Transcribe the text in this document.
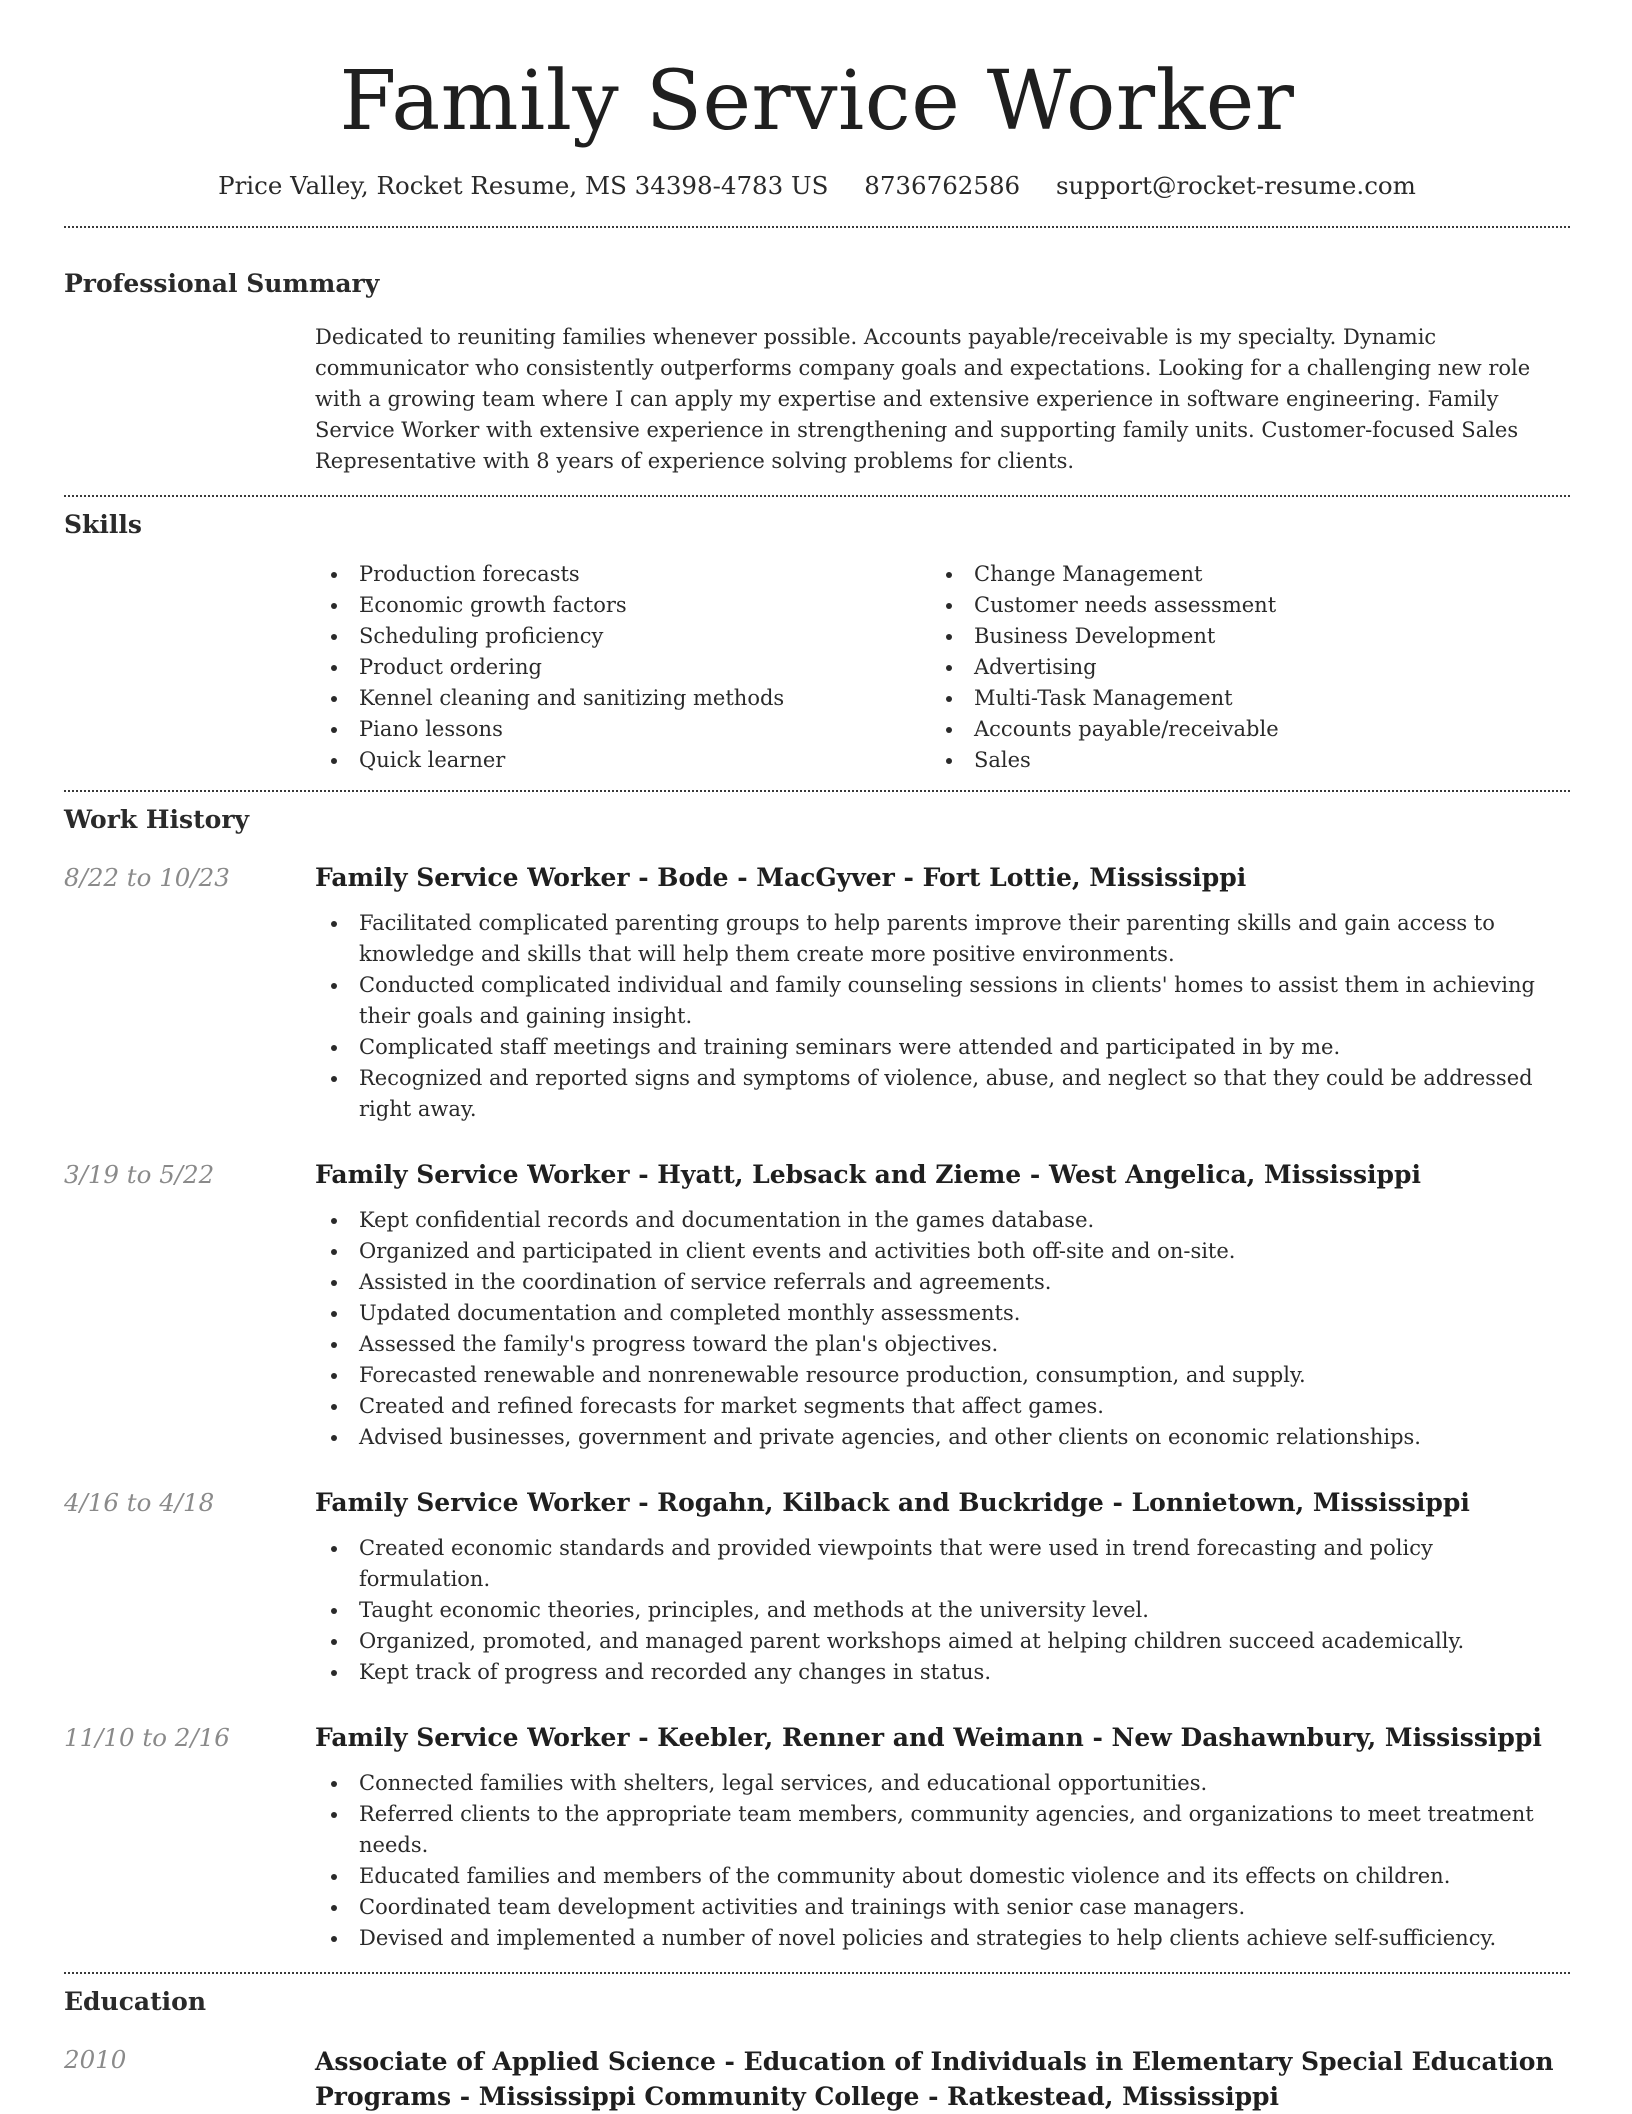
Family Service Worker
Price Valley, Rocket Resume, MS 34398-4783 US 8736762586 support@rocket-resume.com
Professional Summary

Dedicated to reuniting families whenever possible. Accounts payable/receivable is my specialty. Dynamic communicator who consistently outperforms company goals and expectations. Looking for a challenging new role with a growing team where I can apply my expertise and extensive experience in software engineering. Family Service Worker with extensive experience in strengthening and supporting family units. Customer-focused Sales Representative with 8 years of experience solving problems for clients.

Skills
Production forecasts
Economic growth factors
Scheduling proficiency
Product ordering
Kennel cleaning and sanitizing methods
Piano lessons
Quick learner
Change Management
Customer needs assessment
Business Development
Advertising
Multi-Task Management
Accounts payable/receivable
Sales
Work History
8/22 to 10/23	Family Service Worker - Bode - MacGyver - Fort Lottie, Mississippi
Facilitated complicated parenting groups to help parents improve their parenting skills and gain access to knowledge and skills that will help them create more positive environments.
Conducted complicated individual and family counseling sessions in clients' homes to assist them in achieving their goals and gaining insight.
Complicated staff meetings and training seminars were attended and participated in by me.
Recognized and reported signs and symptoms of violence, abuse, and neglect so that they could be addressed right away.
3/19 to 5/22	Family Service Worker - Hyatt, Lebsack and Zieme - West Angelica, Mississippi
Kept confidential records and documentation in the games database.
Organized and participated in client events and activities both off-site and on-site.
Assisted in the coordination of service referrals and agreements.
Updated documentation and completed monthly assessments.
Assessed the family's progress toward the plan's objectives.
Forecasted renewable and nonrenewable resource production, consumption, and supply.
Created and refined forecasts for market segments that affect games.
Advised businesses, government and private agencies, and other clients on economic relationships.
4/16 to 4/18	Family Service Worker - Rogahn, Kilback and Buckridge - Lonnietown, Mississippi
Created economic standards and provided viewpoints that were used in trend forecasting and policy formulation.
Taught economic theories, principles, and methods at the university level.
Organized, promoted, and managed parent workshops aimed at helping children succeed academically.
Kept track of progress and recorded any changes in status.
11/10 to 2/16	Family Service Worker - Keebler, Renner and Weimann - New Dashawnbury, Mississippi
Connected families with shelters, legal services, and educational opportunities.
Referred clients to the appropriate team members, community agencies, and organizations to meet treatment needs.
Educated families and members of the community about domestic violence and its effects on children.
Coordinated team development activities and trainings with senior case managers.
Devised and implemented a number of novel policies and strategies to help clients achieve self-sufficiency.
Education
2010	Associate of Applied Science - Education of Individuals in Elementary Special Education Programs - Mississippi Community College - Ratkestead, Mississippi
